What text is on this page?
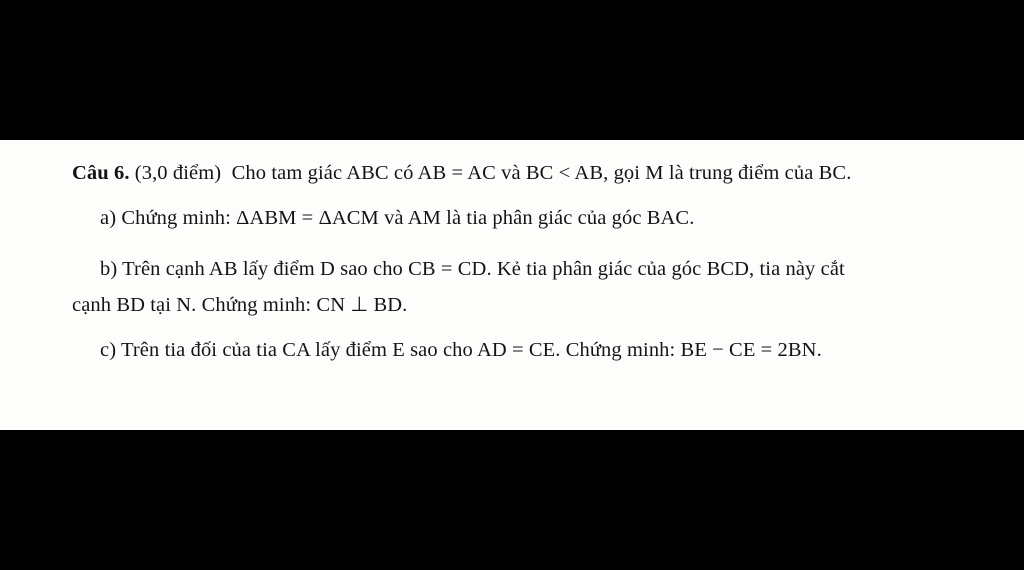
Câu 6. (3,0 điểm) Cho tam giác ABC có AB = AC và BC < AB, gọi M là trung điểm của BC.
a) Chứng minh: ΔABM = ΔACM và AM là tia phân giác của góc BAC.
b) Trên cạnh AB lấy điểm D sao cho CB = CD. Kẻ tia phân giác của góc BCD, tia này cắt
cạnh BD tại N. Chứng minh: CN ⊥ BD.
c) Trên tia đối của tia CA lấy điểm E sao cho AD = CE. Chứng minh: BE − CE = 2BN.
